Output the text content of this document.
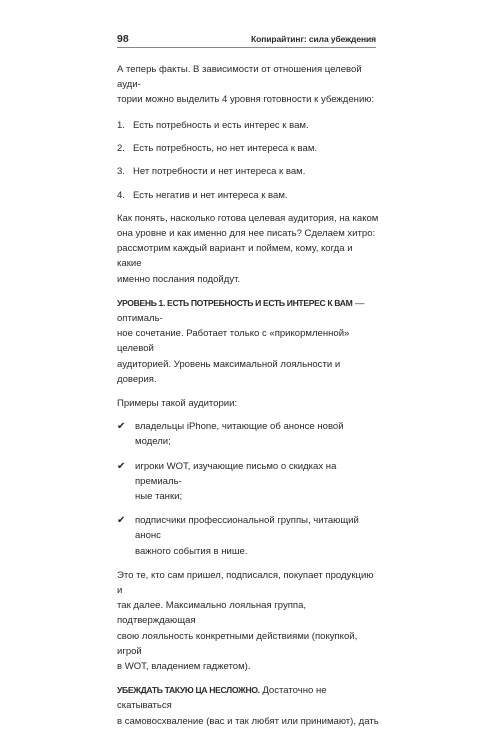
98	Копирайтинг: сила убеждения

А теперь факты. В зависимости от отношения целевой ауди-
тории можно выделить 4 уровня готовности к убеждению:

1. Есть потребность и есть интерес к вам.
2. Есть потребность, но нет интереса к вам.
3. Нет потребности и нет интереса к вам.
4. Есть негатив и нет интереса к вам.

Как понять, насколько готова целевая аудитория, на каком
она уровне и как именно для нее писать? Сделаем хитро:
рассмотрим каждый вариант и поймем, кому, когда и какие
именно послания подойдут.

УРОВЕНЬ 1. ЕСТЬ ПОТРЕБНОСТЬ И ЕСТЬ ИНТЕРЕС К ВАМ — оптималь-
ное сочетание. Работает только с «прикормленной» целевой
аудиторией. Уровень максимальной лояльности и доверия.

Примеры такой аудитории:

✔	владельцы iPhone, читающие об анонсе новой модели;
✔	игроки WOT, изучающие письмо о скидках на премиаль-
ные танки;
✔	подписчики профессиональной группы, читающий анонс
важного события в нише.

Это те, кто сам пришел, подписался, покупает продукцию и
так далее. Максимально лояльная группа, подтверждающая
свою лояльность конкретными действиями (покупкой, игрой
в WOT, владением гаджетом).

УБЕЖДАТЬ ТАКУЮ ЦА НЕСЛОЖНО. Достаточно не скатываться
в самовосхваление (вас и так любят или принимают), дать
